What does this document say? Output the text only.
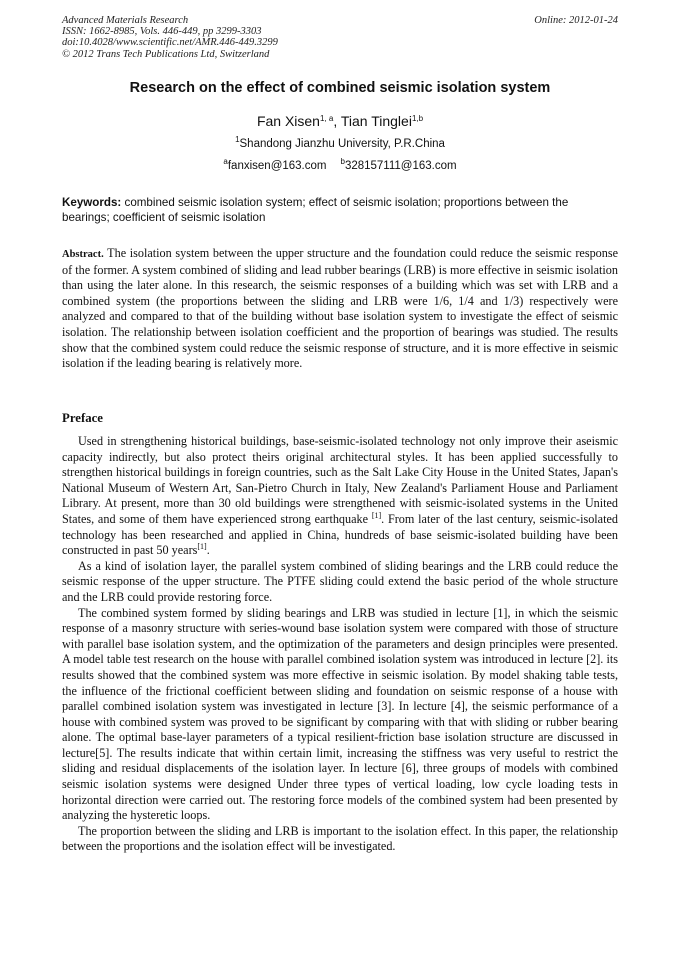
Advanced Materials Research
ISSN: 1662-8985, Vols. 446-449, pp 3299-3303
doi:10.4028/www.scientific.net/AMR.446-449.3299
© 2012 Trans Tech Publications Ltd, Switzerland
Online: 2012-01-24
Research on the effect of combined seismic isolation system
Fan Xisen$^{1, a}$, Tian Tinglei$^{1,b}$
$^1$Shandong Jianzhu University, P.R.China
$^a$fanxisen@163.com $^b$328157111@163.com
Keywords: combined seismic isolation system; effect of seismic isolation; proportions between the bearings; coefficient of seismic isolation
Abstract. The isolation system between the upper structure and the foundation could reduce the seismic response of the former. A system combined of sliding and lead rubber bearings (LRB) is more effective in seismic isolation than using the later alone. In this research, the seismic responses of a building which was set with LRB and a combined system (the proportions between the sliding and LRB were 1/6, 1/4 and 1/3) respectively were analyzed and compared to that of the building without base isolation system to investigate the effect of seismic isolation. The relationship between isolation coefficient and the proportion of bearings was studied. The results show that the combined system could reduce the seismic response of structure, and it is more effective in seismic isolation if the leading bearing is relatively more.
Preface

Used in strengthening historical buildings, base-seismic-isolated technology not only improve their aseismic capacity indirectly, but also protect theirs original architectural styles. It has been applied successfully to strengthen historical buildings in foreign countries, such as the Salt Lake City House in the United States, Japan's National Museum of Western Art, San-Pietro Church in Italy, New Zealand's Parliament House and Parliament Library. At present, more than 30 old buildings were strengthened with seismic-isolated systems in the United States, and some of them have experienced strong earthquake [1]. From later of the last century, seismic-isolated technology has been researched and applied in China, hundreds of base seismic-isolated building have been constructed in past 50 years[1].

As a kind of isolation layer, the parallel system combined of sliding bearings and the LRB could reduce the seismic response of the upper structure. The PTFE sliding could extend the basic period of the whole structure and the LRB could provide restoring force.

The combined system formed by sliding bearings and LRB was studied in lecture [1], in which the seismic response of a masonry structure with series-wound base isolation system were compared with those of structure with parallel base isolation system, and the optimization of the parameters and design principles were presented. A model table test research on the house with parallel combined isolation system was introduced in lecture [2]. its results showed that the combined system was more effective in seismic isolation. By model shaking table tests, the influence of the frictional coefficient between sliding and foundation on seismic response of a house with parallel combined isolation system was investigated in lecture [3]. In lecture [4], the seismic performance of a house with combined system was proved to be significant by comparing with that with sliding or rubber bearing alone. The optimal base-layer parameters of a typical resilient-friction base isolation structure are discussed in lecture[5]. The results indicate that within certain limit, increasing the stiffness was very useful to restrict the sliding and residual displacements of the isolation layer. In lecture [6], three groups of models with combined seismic isolation systems were designed Under three types of vertical loading, low cycle loading tests in horizontal direction were carried out. The restoring force models of the combined system had been presented by analyzing the hysteretic loops.

The proportion between the sliding and LRB is important to the isolation effect. In this paper, the relationship between the proportions and the isolation effect will be investigated.
